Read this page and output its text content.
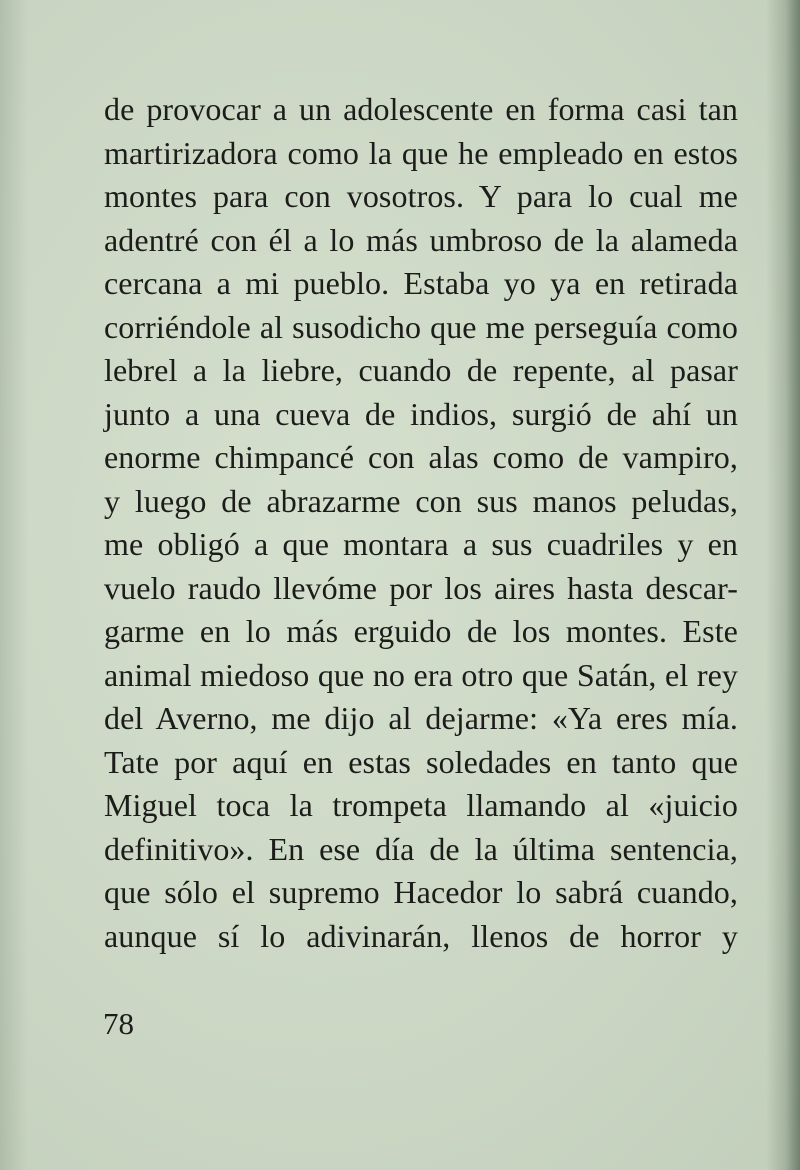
de provocar a un adolescente en forma casi tan
martirizadora como la que he empleado en estos
montes para con vosotros. Y para lo cual me
adentré con él a lo más umbroso de la alameda
cercana a mi pueblo. Estaba yo ya en retirada
corriéndole al susodicho que me perseguía como
lebrel a la liebre, cuando de repente, al pasar
junto a una cueva de indios, surgió de ahí un
enorme chimpancé con alas como de vampiro,
y luego de abrazarme con sus manos peludas,
me obligó a que montara a sus cuadriles y en
vuelo raudo llevóme por los aires hasta descar-
garme en lo más erguido de los montes. Este
animal miedoso que no era otro que Satán, el rey
del Averno, me dijo al dejarme: «Ya eres mía.
Tate por aquí en estas soledades en tanto que
Miguel toca la trompeta llamando al «juicio
definitivo». En ese día de la última sentencia,
que sólo el supremo Hacedor lo sabrá cuando,
aunque sí lo adivinarán, llenos de horror y
78
